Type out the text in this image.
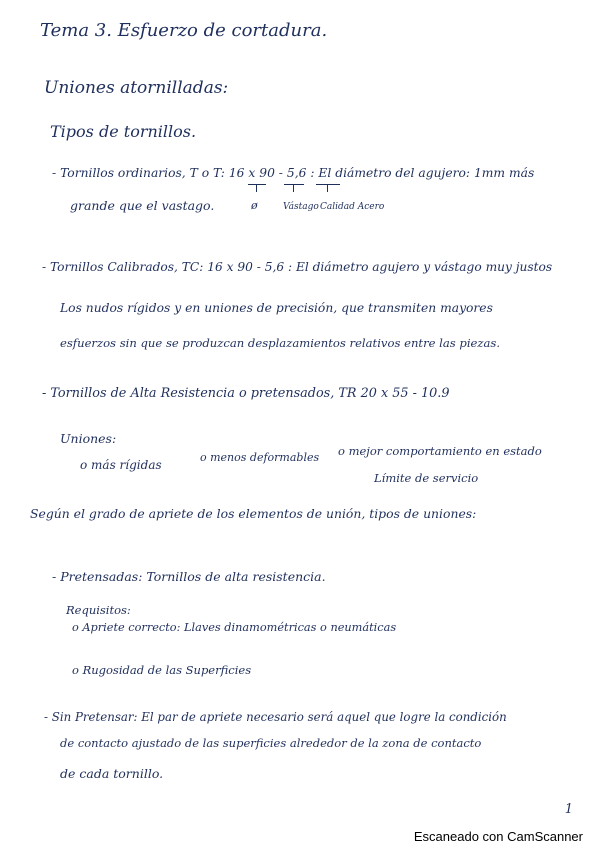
Tema 3. Esfuerzo de cortadura.
Uniones atornilladas:
Tipos de tornillos.
- Tornillos ordinarios, T o T: 16 x 90 - 5,6 : El diámetro del agujero: 1mm más
grande que el vastago.	ø	Vástago Calidad Acero
- Tornillos Calibrados, TC: 16 x 90 - 5,6 : El diámetro agujero y vástago muy justos
Los nudos rígidos y en uniones de precisión, que transmiten mayores
esfuerzos sin que se produzcan desplazamientos relativos entre las piezas.
- Tornillos de Alta Resistencia o pretensados, TR 20 x 55 - 10.9
Uniones:
o más rígidas
o menos deformables o mejor comportamiento en estado
Límite de servicio
Según el grado de apriete de los elementos de unión, tipos de uniones:
- Pretensadas: Tornillos de alta resistencia.
Requisitos:
o Apriete correcto: Llaves dinamométricas o neumáticas
o Rugosidad de las Superficies
- Sin Pretensar: El par de apriete necesario será aquel que logre la condición
de contacto ajustado de las superficies alrededor de la zona de contacto
de cada tornillo.
1
Escaneado con CamScanner
